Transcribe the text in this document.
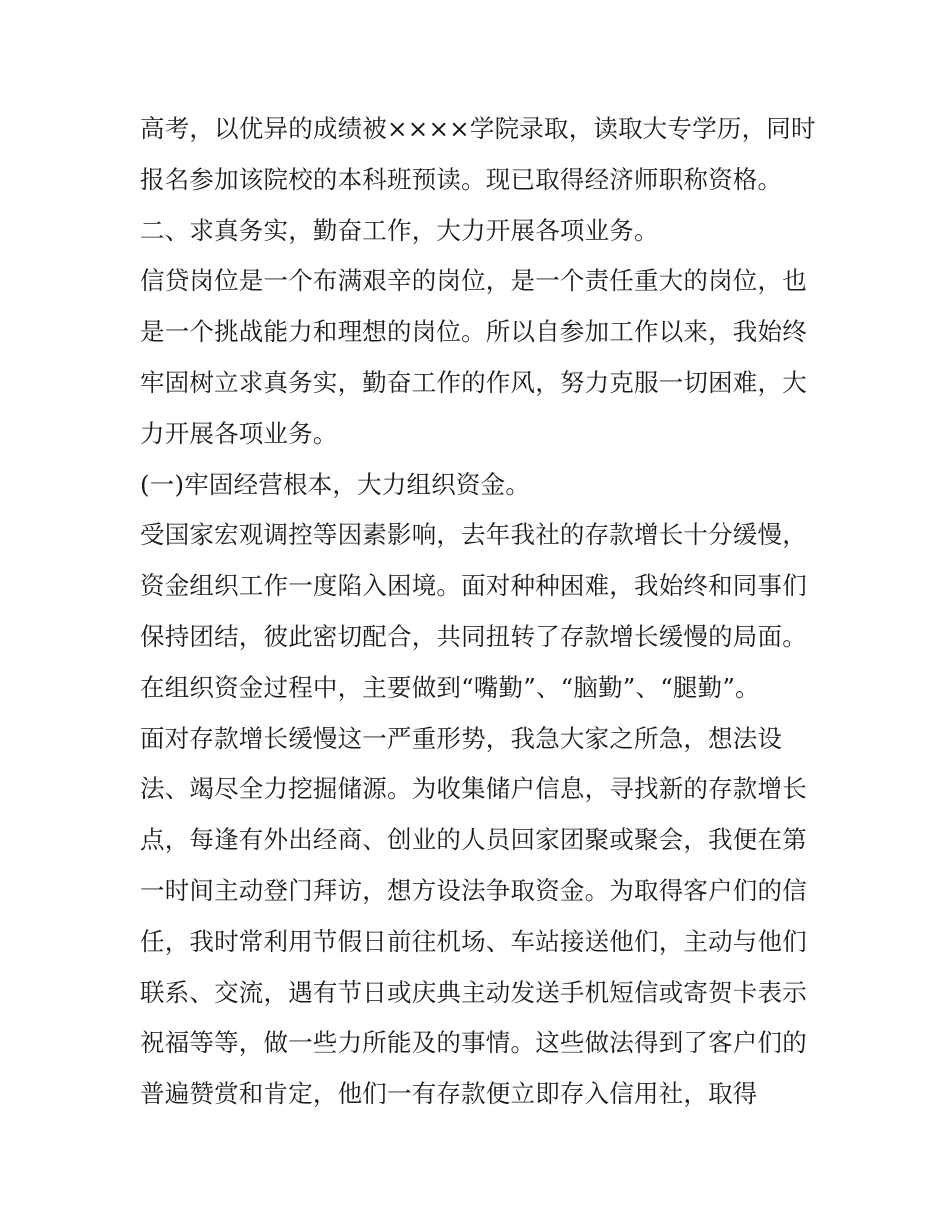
高考，以优异的成绩被××××学院录取，读取大专学历，同时
报名参加该院校的本科班预读。现已取得经济师职称资格。
二、求真务实，勤奋工作，大力开展各项业务。
信贷岗位是一个布满艰辛的岗位，是一个责任重大的岗位，也
是一个挑战能力和理想的岗位。所以自参加工作以来，我始终
牢固树立求真务实，勤奋工作的作风，努力克服一切困难，大
力开展各项业务。
(一)牢固经营根本，大力组织资金。
受国家宏观调控等因素影响，去年我社的存款增长十分缓慢，
资金组织工作一度陷入困境。面对种种困难，我始终和同事们
保持团结，彼此密切配合，共同扭转了存款增长缓慢的局面。
在组织资金过程中，主要做到“嘴勤”、“脑勤”、“腿勤”。
面对存款增长缓慢这一严重形势，我急大家之所急，想法设
法、竭尽全力挖掘储源。为收集储户信息，寻找新的存款增长
点，每逢有外出经商、创业的人员回家团聚或聚会，我便在第
一时间主动登门拜访，想方设法争取资金。为取得客户们的信
任，我时常利用节假日前往机场、车站接送他们，主动与他们
联系、交流，遇有节日或庆典主动发送手机短信或寄贺卡表示
祝福等等，做一些力所能及的事情。这些做法得到了客户们的
普遍赞赏和肯定，他们一有存款便立即存入信用社，取得
